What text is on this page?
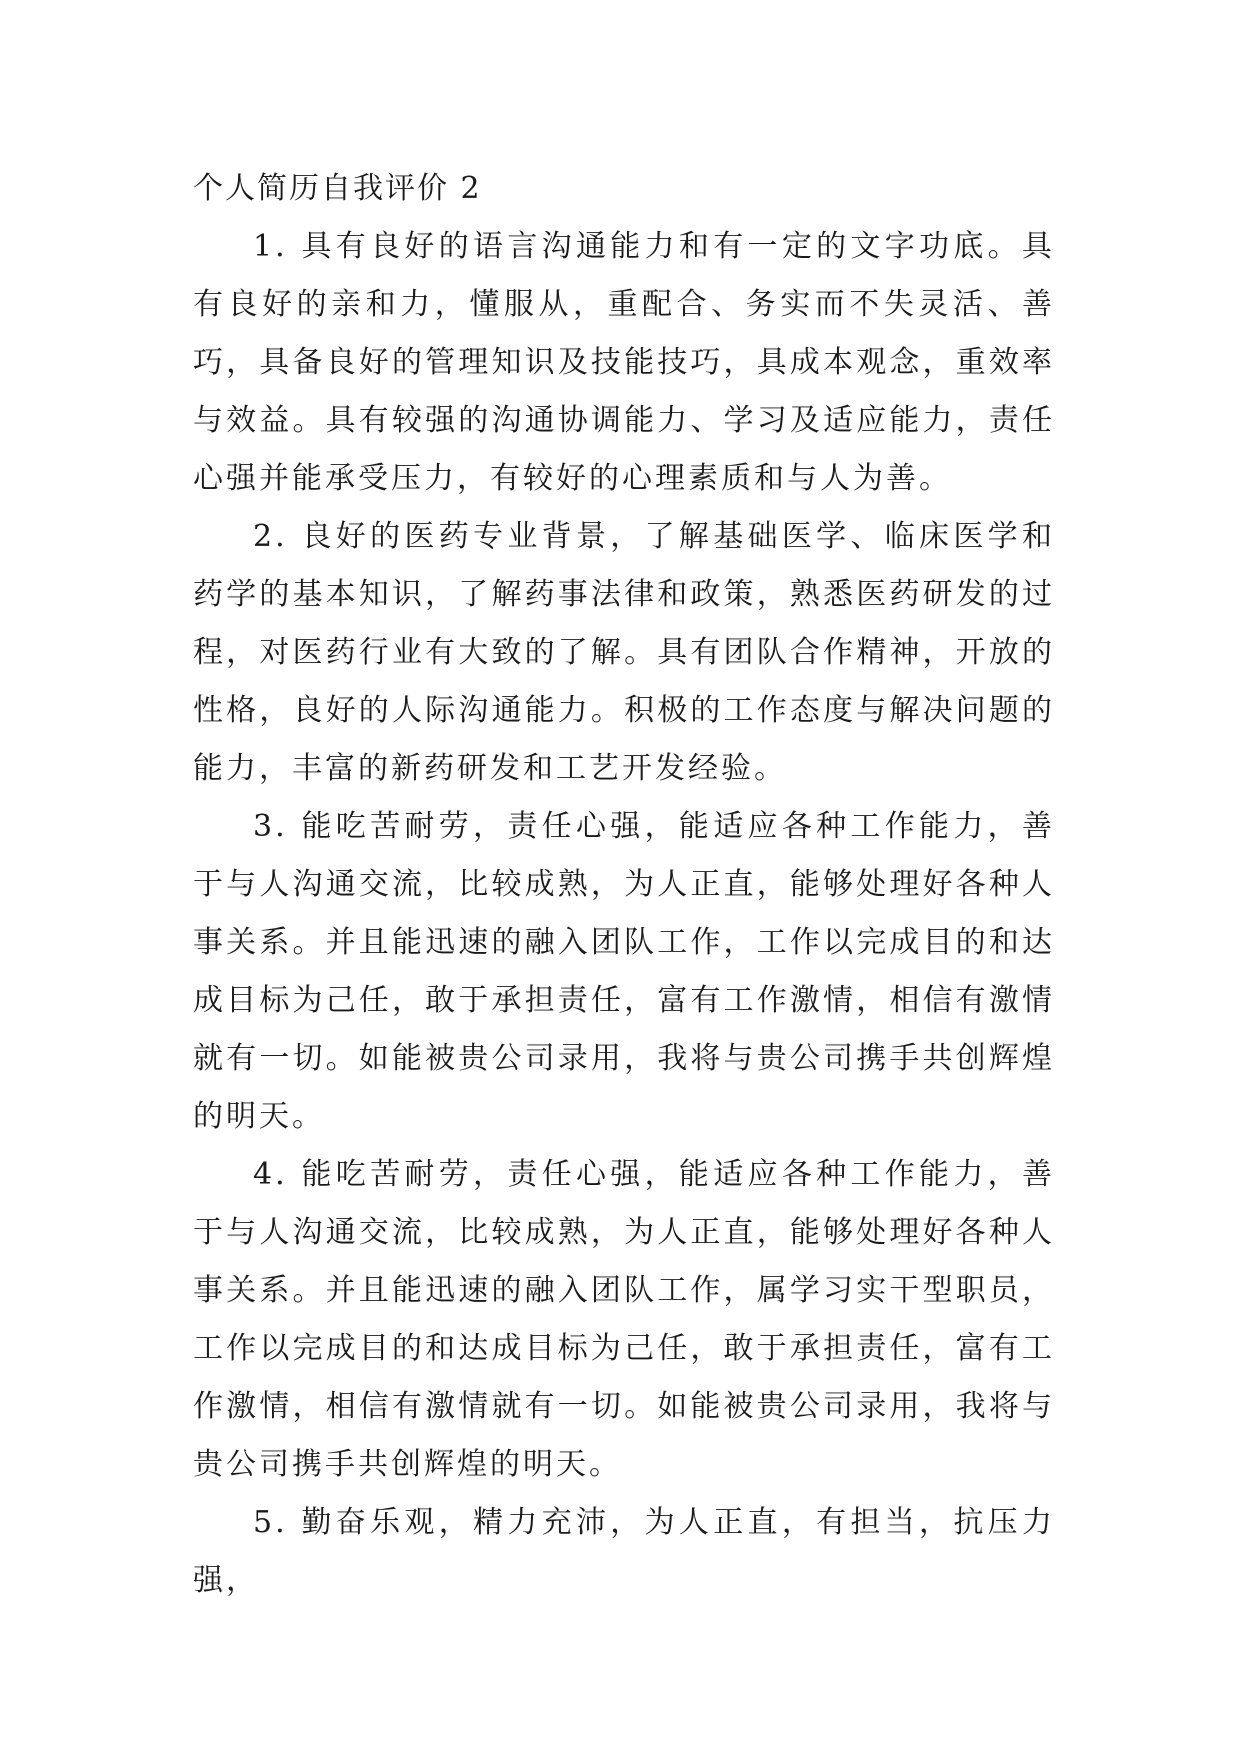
个人简历自我评价 2

1. 具有良好的语言沟通能力和有一定的文字功底。具有良好的亲和力，懂服从，重配合、务实而不失灵活、善巧，具备良好的管理知识及技能技巧，具成本观念，重效率与效益。具有较强的沟通协调能力、学习及适应能力，责任心强并能承受压力，有较好的心理素质和与人为善。

2. 良好的医药专业背景，了解基础医学、临床医学和药学的基本知识，了解药事法律和政策，熟悉医药研发的过程，对医药行业有大致的了解。具有团队合作精神，开放的性格，良好的人际沟通能力。积极的工作态度与解决问题的能力，丰富的新药研发和工艺开发经验。

3. 能吃苦耐劳，责任心强，能适应各种工作能力，善于与人沟通交流，比较成熟，为人正直，能够处理好各种人事关系。并且能迅速的融入团队工作，工作以完成目的和达成目标为己任，敢于承担责任，富有工作激情，相信有激情就有一切。如能被贵公司录用，我将与贵公司携手共创辉煌的明天。

4. 能吃苦耐劳，责任心强，能适应各种工作能力，善于与人沟通交流，比较成熟，为人正直，能够处理好各种人事关系。并且能迅速的融入团队工作，属学习实干型职员，工作以完成目的和达成目标为己任，敢于承担责任，富有工作激情，相信有激情就有一切。如能被贵公司录用，我将与贵公司携手共创辉煌的明天。

5. 勤奋乐观，精力充沛，为人正直，有担当，抗压力强，
